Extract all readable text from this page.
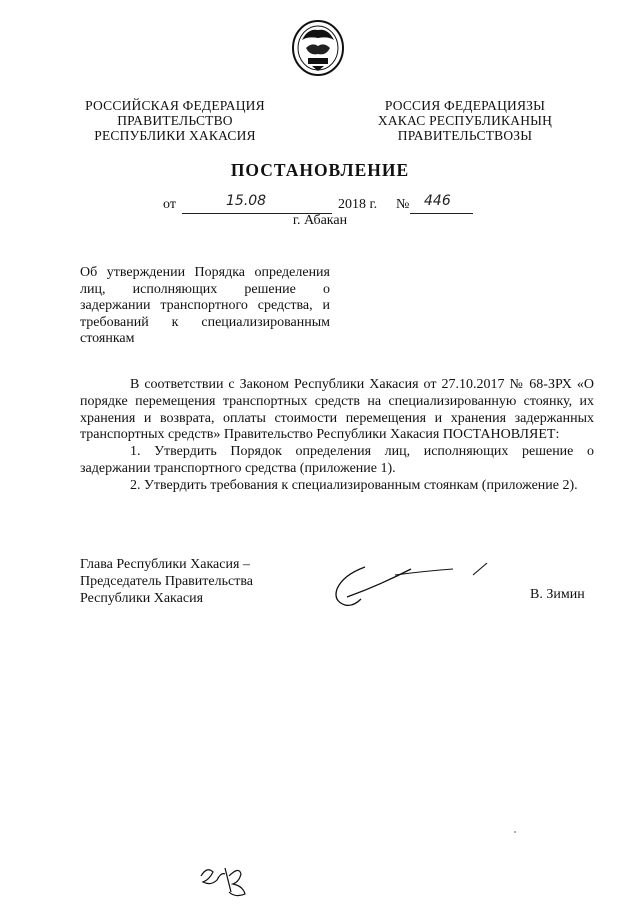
РОССИЙСКАЯ ФЕДЕРАЦИЯ
ПРАВИТЕЛЬСТВО
РЕСПУБЛИКИ ХАКАСИЯ
РОССИЯ ФЕДЕРАЦИЯЗЫ
ХАКАС РЕСПУБЛИКАНЫҢ
ПРАВИТЕЛЬСТВОЗЫ
ПОСТАНОВЛЕНИЕ
от	15.08	2018 г. № 446
г. Абакан
Об утверждении Порядка определения
лиц, исполняющих решение о
задержании транспортного средства, и
требований к специализированным
стоянкам

В соответствии с Законом Республики Хакасия от 27.10.2017 № 68-ЗРХ «О порядке перемещения транспортных средств на специализированную стоянку, их хранения и возврата, оплаты стоимости перемещения и хранения задержанных транспортных средств» Правительство Республики Хакасия ПОСТАНОВЛЯЕТ:

1. Утвердить Порядок определения лиц, исполняющих решение о задержании транспортного средства (приложение 1).

2. Утвердить требования к специализированным стоянкам (приложение 2).

Глава Республики Хакасия –
Председатель Правительства
Республики Хакасия	В. Зимин
